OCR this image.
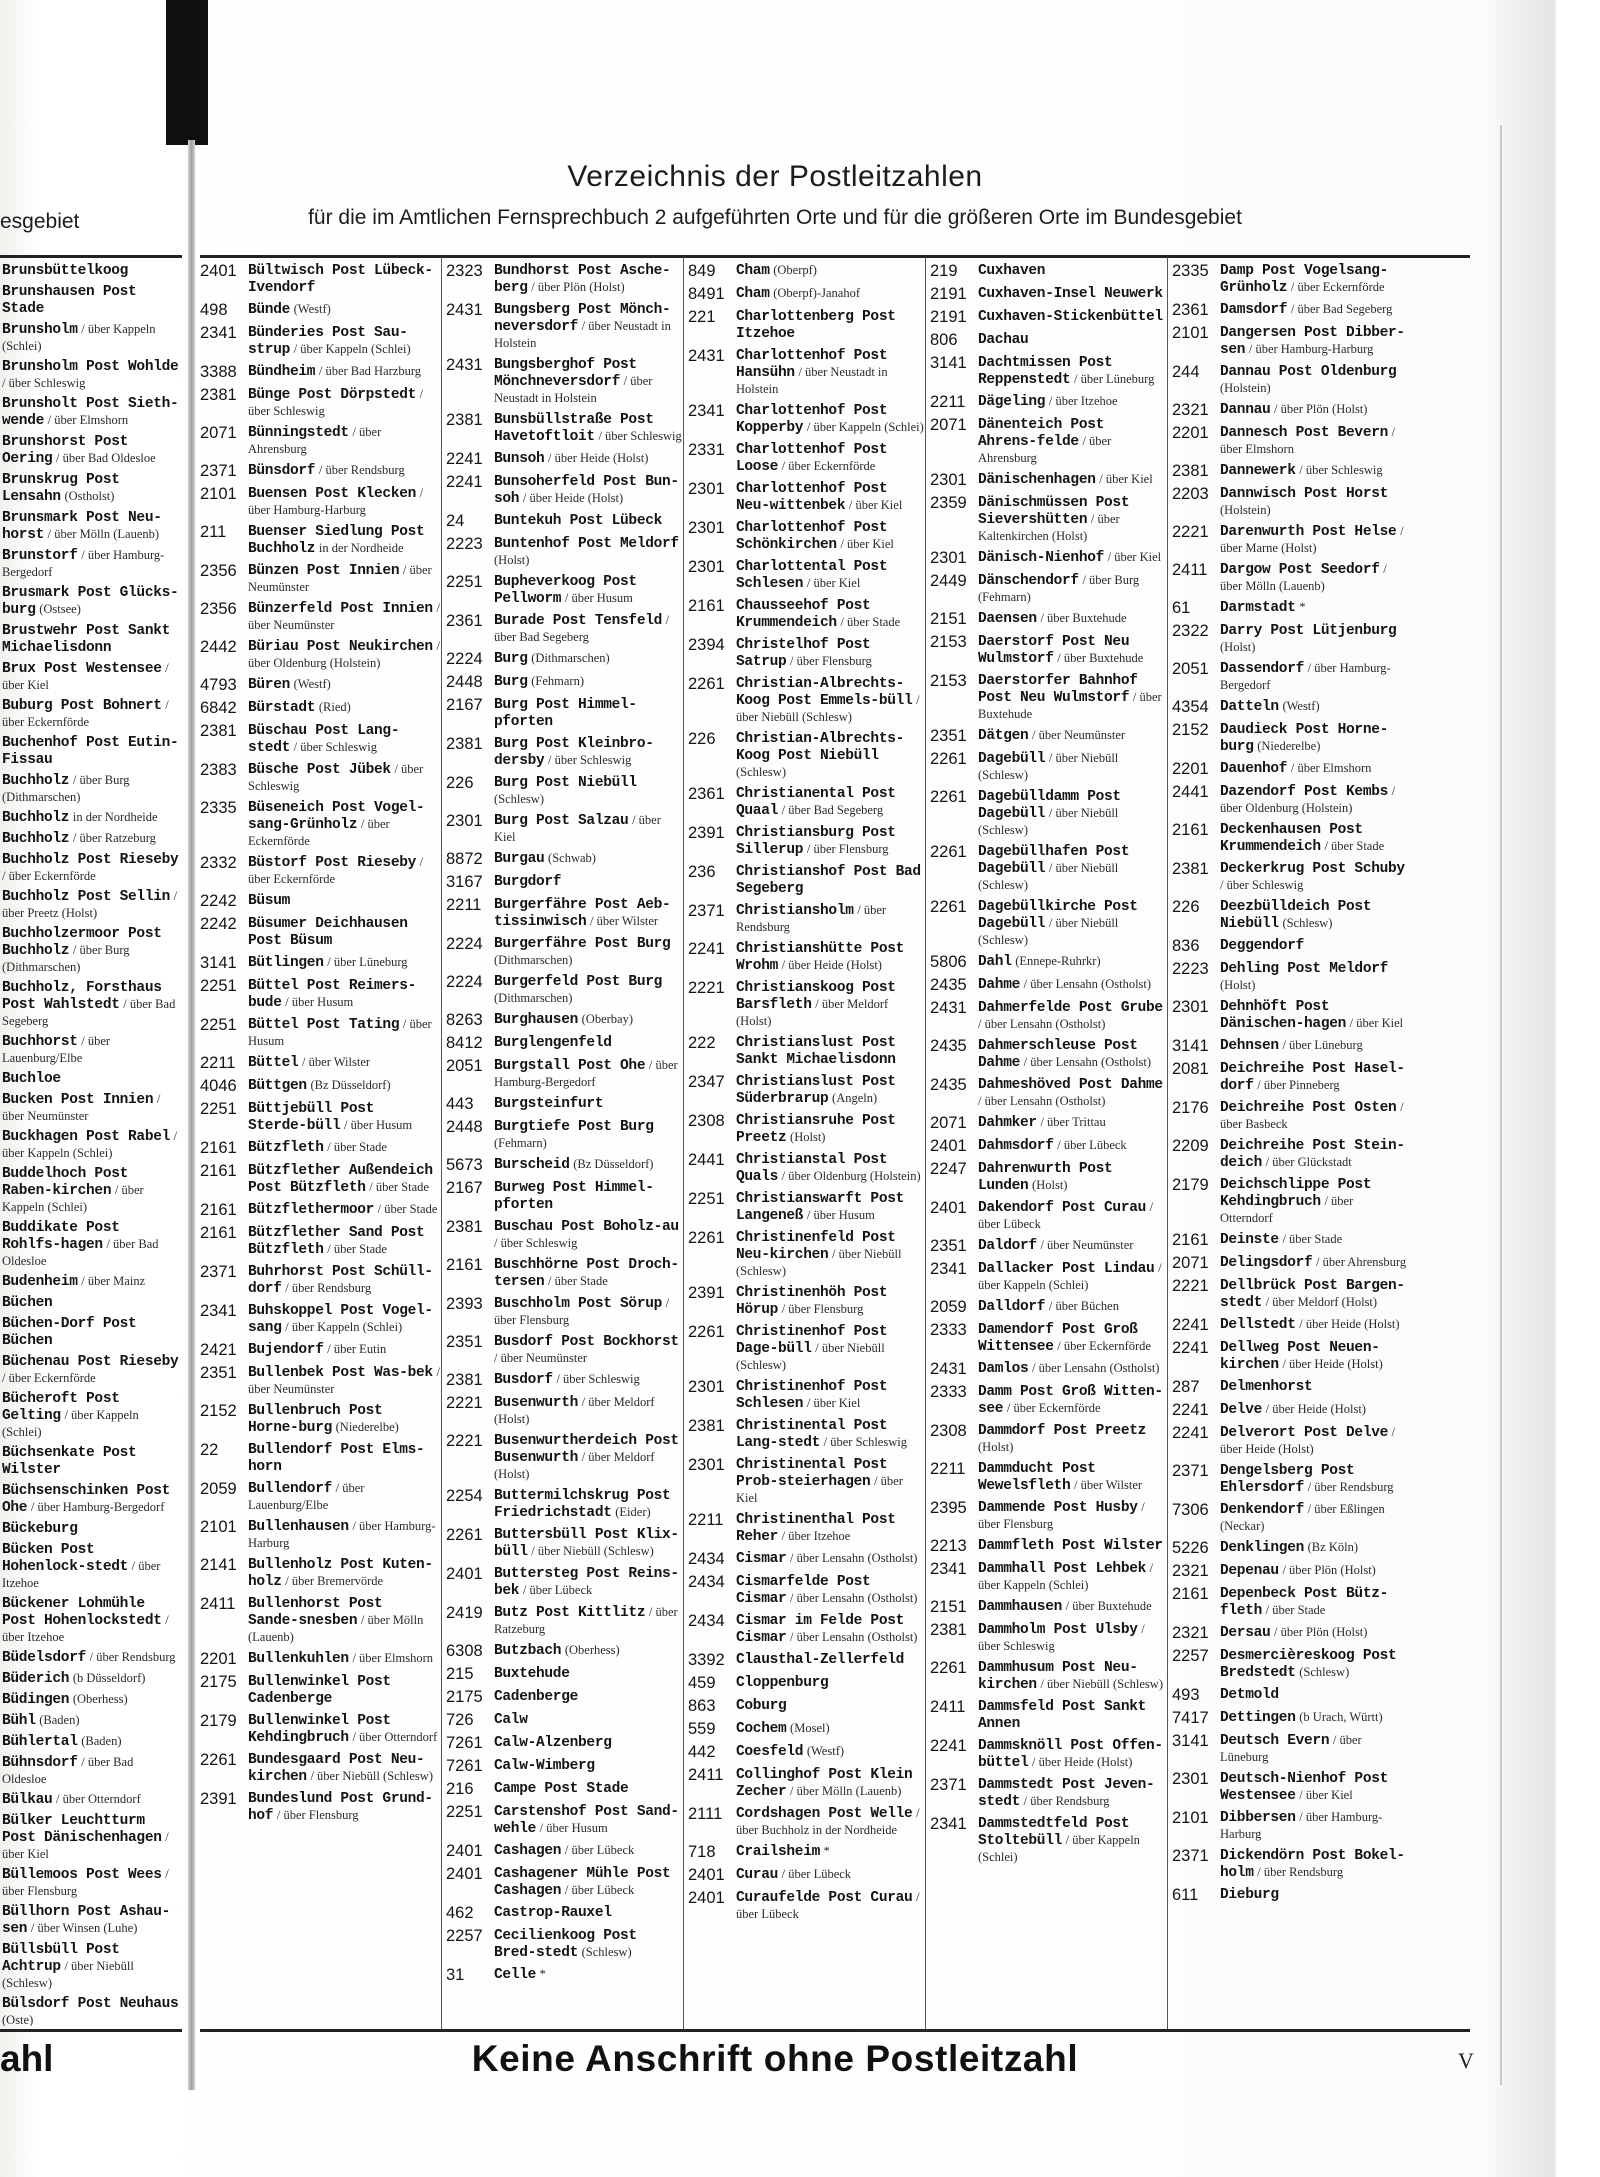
esgebiet
Verzeichnis der Postleitzahlen
für die im Amtlichen Fernsprechbuch 2 aufgeführten Orte und für die größeren Orte im Bundesgebiet
Brunsbüttelkoog
Brunshausen Post Stade
Brunsholm / über Kappeln (Schlei)
Brunsholm Post Wohlde / über Schleswig
Brunsholt Post Sieth-wende / über Elmshorn
Brunshorst Post Oering / über Bad Oldesloe
Brunskrug Post Lensahn (Ostholst)
Brunsmark Post Neu-horst / über Mölln (Lauenb)
Brunstorf / über Hamburg-Bergedorf
Brusmark Post Glücks-burg (Ostsee)
Brustwehr Post Sankt Michaelisdonn
Brux Post Westensee / über Kiel
Buburg Post Bohnert / über Eckernförde
Buchenhof Post Eutin-Fissau
Buchholz / über Burg (Dithmarschen)
Buchholz in der Nordheide
Buchholz / über Ratzeburg
Buchholz Post Rieseby / über Eckernförde
Buchholz Post Sellin / über Preetz (Holst)
Buchholzermoor Post Buchholz / über Burg (Dithmarschen)
Buchholz, Forsthaus Post Wahlstedt / über Bad Segeberg
Buchhorst / über Lauenburg/Elbe
Buchloe
Bucken Post Innien / über Neumünster
Buckhagen Post Rabel / über Kappeln (Schlei)
Buddelhoch Post Raben-kirchen / über Kappeln (Schlei)
Buddikate Post Rohlfs-hagen / über Bad Oldesloe
Budenheim / über Mainz
Büchen
Büchen-Dorf Post Büchen
Büchenau Post Rieseby / über Eckernförde
Bücheroft Post Gelting / über Kappeln (Schlei)
Büchsenkate Post Wilster
Büchsenschinken Post Ohe / über Hamburg-Bergedorf
Bückeburg
Bücken Post Hohenlock-stedt / über Itzehoe
Bückener Lohmühle Post Hohenlockstedt / über Itzehoe
Büdelsdorf / über Rendsburg
Büderich (b Düsseldorf)
Büdingen (Oberhess)
Bühl (Baden)
Bühlertal (Baden)
Bühnsdorf / über Bad Oldesloe
Bülkau / über Otterndorf
Bülker Leuchtturm Post Dänischenhagen / über Kiel
Büllemoos Post Wees / über Flensburg
Büllhorn Post Ashau-sen / über Winsen (Luhe)
Büllsbüll Post Achtrup / über Niebüll (Schlesw)
Bülsdorf Post Neuhaus (Oste)
2401 Bültwisch Post Lübeck-Ivendorf
498	Bünde (Westf)
2341 Bünderies Post Sau-strup / über Kappeln (Schlei)
3388 Bündheim / über Bad Harzburg
2381 Bünge Post Dörpstedt / über Schleswig
2071 Bünningstedt / über Ahrensburg
2371 Bünsdorf / über Rendsburg
2101 Buensen Post Klecken / über Hamburg-Harburg
211	Buenser Siedlung Post Buchholz in der Nordheide
2356 Bünzen Post Innien / über Neumünster
2356 Bünzerfeld Post Innien / über Neumünster
2442 Büriau Post Neukirchen / über Oldenburg (Holstein)
4793 Büren (Westf)
6842 Bürstadt (Ried)
2381 Büschau Post Lang-stedt / über Schleswig
2383 Büsche Post Jübek / über Schleswig
2335 Büseneich Post Vogel-sang-Grünholz / über Eckernförde
2332 Büstorf Post Rieseby / über Eckernförde
2242 Büsum
2242 Büsumer Deichhausen Post Büsum
3141 Bütlingen / über Lüneburg
2251 Büttel Post Reimers-bude / über Husum
2251 Büttel Post Tating / über Husum
2211 Büttel / über Wilster
4046 Büttgen (Bz Düsseldorf)
2251 Büttjebüll Post Sterde-büll / über Husum
2161 Bützfleth / über Stade
2161 Bützflether Außendeich Post Bützfleth / über Stade
2161 Bützflethermoor / über Stade
2161 Bützflether Sand Post Bützfleth / über Stade
2371 Buhrhorst Post Schüll-dorf / über Rendsburg
2341 Buhskoppel Post Vogel-sang / über Kappeln (Schlei)
2421 Bujendorf / über Eutin
2351 Bullenbek Post Was-bek / über Neumünster
2152 Bullenbruch Post Horne-burg (Niederelbe)
22	Bullendorf Post Elms-horn
2059 Bullendorf / über Lauenburg/Elbe
2101 Bullenhausen / über Hamburg-Harburg
2141 Bullenholz Post Kuten-holz / über Bremervörde
2411 Bullenhorst Post Sande-snesben / über Mölln (Lauenb)
2201 Bullenkuhlen / über Elmshorn
2175 Bullenwinkel Post Cadenberge
2179 Bullenwinkel Post Kehdingbruch / über Otterndorf
2261 Bundesgaard Post Neu-kirchen / über Niebüll (Schlesw)
2391 Bundeslund Post Grund-hof / über Flensburg
2323 Bundhorst Post Asche-berg / über Plön (Holst)
2431 Bungsberg Post Mönch-neversdorf / über Neustadt in Holstein
2431 Bungsberghof Post Mönchneversdorf / über Neustadt in Holstein
2381 Bunsbüllstraße Post Havetoftloit / über Schleswig
2241 Bunsoh / über Heide (Holst)
2241 Bunsoherfeld Post Bun-soh / über Heide (Holst)
24	Buntekuh Post Lübeck
2223 Buntenhof Post Meldorf (Holst)
2251 Bupheverkoog Post Pellworm / über Husum
2361 Burade Post Tensfeld / über Bad Segeberg
2224 Burg (Dithmarschen)
2448 Burg (Fehmarn)
2167 Burg Post Himmel-pforten
2381 Burg Post Kleinbro-dersby / über Schleswig
226	Burg Post Niebüll (Schlesw)
2301 Burg Post Salzau / über Kiel
8872 Burgau (Schwab)
3167 Burgdorf
2211 Burgerfähre Post Aeb-tissinwisch / über Wilster
2224 Burgerfähre Post Burg (Dithmarschen)
2224 Burgerfeld Post Burg (Dithmarschen)
8263 Burghausen (Oberbay)
8412 Burglengenfeld
2051 Burgstall Post Ohe / über Hamburg-Bergedorf
443	Burgsteinfurt
2448 Burgtiefe Post Burg (Fehmarn)
5673 Burscheid (Bz Düsseldorf)
2167 Burweg Post Himmel-pforten
2381 Buschau Post Boholz-au / über Schleswig
2161 Buschhörne Post Droch-tersen / über Stade
2393 Buschholm Post Sörup / über Flensburg
2351 Busdorf Post Bockhorst / über Neumünster
2381 Busdorf / über Schleswig
2221 Busenwurth / über Meldorf (Holst)
2221 Busenwurtherdeich Post Busenwurth / über Meldorf (Holst)
2254 Buttermilchskrug Post Friedrichstadt (Eider)
2261 Buttersbüll Post Klix-büll / über Niebüll (Schlesw)
2401 Buttersteg Post Reins-bek / über Lübeck
2419 Butz Post Kittlitz / über Ratzeburg
6308 Butzbach (Oberhess)
215	Buxtehude
2175 Cadenberge
726	Calw
7261 Calw-Alzenberg
7261 Calw-Wimberg
216	Campe Post Stade
2251 Carstenshof Post Sand-wehle / über Husum
2401 Cashagen / über Lübeck
2401 Cashagener Mühle Post Cashagen / über Lübeck
462	Castrop-Rauxel
2257 Cecilienkoog Post Bred-stedt (Schlesw)
31	Celle *
849	Cham (Oberpf)
8491 Cham (Oberpf)-Janahof
221	Charlottenberg Post Itzehoe
2431 Charlottenhof Post Hansühn / über Neustadt in Holstein
2341 Charlottenhof Post Kopperby / über Kappeln (Schlei)
2331 Charlottenhof Post Loose / über Eckernförde
2301 Charlottenhof Post Neu-wittenbek / über Kiel
2301 Charlottenhof Post Schönkirchen / über Kiel
2301 Charlottental Post Schlesen / über Kiel
2161 Chausseehof Post Krummendeich / über Stade
2394 Christelhof Post Satrup / über Flensburg
2261 Christian-Albrechts-Koog Post Emmels-büll / über Niebüll (Schlesw)
226	Christian-Albrechts-Koog Post Niebüll (Schlesw)
2361 Christianental Post Quaal / über Bad Segeberg
2391 Christiansburg Post Sillerup / über Flensburg
236	Christianshof Post Bad Segeberg
2371 Christiansholm / über Rendsburg
2241 Christianshütte Post Wrohm / über Heide (Holst)
2221 Christianskoog Post Barsfleth / über Meldorf (Holst)
222	Christianslust Post Sankt Michaelisdonn
2347 Christianslust Post Süderbrarup (Angeln)
2308 Christiansruhe Post Preetz (Holst)
2441 Christianstal Post Quals / über Oldenburg (Holstein)
2251 Christianswarft Post Langeneß / über Husum
2261 Christinenfeld Post Neu-kirchen / über Niebüll (Schlesw)
2391 Christinenhöh Post Hörup / über Flensburg
2261 Christinenhof Post Dage-büll / über Niebüll (Schlesw)
2301 Christinenhof Post Schlesen / über Kiel
2381 Christinental Post Lang-stedt / über Schleswig
2301 Christinental Post Prob-steierhagen / über Kiel
2211 Christinenthal Post Reher / über Itzehoe
2434 Cismar / über Lensahn (Ostholst)
2434 Cismarfelde Post Cismar / über Lensahn (Ostholst)
2434 Cismar im Felde Post Cismar / über Lensahn (Ostholst)
3392 Clausthal-Zellerfeld
459	Cloppenburg
863	Coburg
559	Cochem (Mosel)
442	Coesfeld (Westf)
2411 Collinghof Post Klein Zecher / über Mölln (Lauenb)
2111 Cordshagen Post Welle / über Buchholz in der Nordheide
718	Crailsheim *
2401 Curau / über Lübeck
2401 Curaufelde Post Curau / über Lübeck
219	Cuxhaven
2191 Cuxhaven-Insel Neuwerk
2191 Cuxhaven-Stickenbüttel
806	Dachau
3141 Dachtmissen Post Reppenstedt / über Lüneburg
2211 Dägeling / über Itzehoe
2071 Dänenteich Post Ahrens-felde / über Ahrensburg
2301 Dänischenhagen / über Kiel
2359 Dänischmüssen Post Sievershütten / über Kaltenkirchen (Holst)
2301 Dänisch-Nienhof / über Kiel
2449 Dänschendorf / über Burg (Fehmarn)
2151 Daensen / über Buxtehude
2153 Daerstorf Post Neu Wulmstorf / über Buxtehude
2153 Daerstorfer Bahnhof Post Neu Wulmstorf / über Buxtehude
2351 Dätgen / über Neumünster
2261 Dagebüll / über Niebüll (Schlesw)
2261 Dagebülldamm Post Dagebüll / über Niebüll (Schlesw)
2261 Dagebüllhafen Post Dagebüll / über Niebüll (Schlesw)
2261 Dagebüllkirche Post Dagebüll / über Niebüll (Schlesw)
5806 Dahl (Ennepe-Ruhrkr)
2435 Dahme / über Lensahn (Ostholst)
2431 Dahmerfelde Post Grube / über Lensahn (Ostholst)
2435 Dahmerschleuse Post Dahme / über Lensahn (Ostholst)
2435 Dahmeshöved Post Dahme / über Lensahn (Ostholst)
2071 Dahmker / über Trittau
2401 Dahmsdorf / über Lübeck
2247 Dahrenwurth Post Lunden (Holst)
2401 Dakendorf Post Curau / über Lübeck
2351 Daldorf / über Neumünster
2341 Dallacker Post Lindau / über Kappeln (Schlei)
2059 Dalldorf / über Büchen
2333 Damendorf Post Groß Wittensee / über Eckernförde
2431 Damlos / über Lensahn (Ostholst)
2333 Damm Post Groß Witten-see / über Eckernförde
2308 Dammdorf Post Preetz (Holst)
2211 Dammducht Post Wewelsfleth / über Wilster
2395 Dammende Post Husby / über Flensburg
2213 Dammfleth Post Wilster
2341 Dammhall Post Lehbek / über Kappeln (Schlei)
2151 Dammhausen / über Buxtehude
2381 Dammholm Post Ulsby / über Schleswig
2261 Dammhusum Post Neu-kirchen / über Niebüll (Schlesw)
2411 Dammsfeld Post Sankt Annen
2241 Dammsknöll Post Offen-büttel / über Heide (Holst)
2371 Dammstedt Post Jeven-stedt / über Rendsburg
2341 Dammstedtfeld Post Stoltebüll / über Kappeln (Schlei)
2335 Damp Post Vogelsang-Grünholz / über Eckernförde
2361 Damsdorf / über Bad Segeberg
2101 Dangersen Post Dibber-sen / über Hamburg-Harburg
244	Dannau Post Oldenburg (Holstein)
2321 Dannau / über Plön (Holst)
2201 Dannesch Post Bevern / über Elmshorn
2381 Dannewerk / über Schleswig
2203 Dannwisch Post Horst (Holstein)
2221 Darenwurth Post Helse / über Marne (Holst)
2411 Dargow Post Seedorf / über Mölln (Lauenb)
61	Darmstadt *
2322 Darry Post Lütjenburg (Holst)
2051 Dassendorf / über Hamburg-Bergedorf
4354 Datteln (Westf)
2152 Daudieck Post Horne-burg (Niederelbe)
2201 Dauenhof / über Elmshorn
2441 Dazendorf Post Kembs / über Oldenburg (Holstein)
2161 Deckenhausen Post Krummendeich / über Stade
2381 Deckerkrug Post Schuby / über Schleswig
226	Deezbülldeich Post Niebüll (Schlesw)
836	Deggendorf
2223 Dehling Post Meldorf (Holst)
2301 Dehnhöft Post Dänischen-hagen / über Kiel
3141 Dehnsen / über Lüneburg
2081 Deichreihe Post Hasel-dorf / über Pinneberg
2176 Deichreihe Post Osten / über Basbeck
2209 Deichreihe Post Stein-deich / über Glückstadt
2179 Deichschlippe Post Kehdingbruch / über Otterndorf
2161 Deinste / über Stade
2071 Delingsdorf / über Ahrensburg
2221 Dellbrück Post Bargen-stedt / über Meldorf (Holst)
2241 Dellstedt / über Heide (Holst)
2241 Dellweg Post Neuen-kirchen / über Heide (Holst)
287	Delmenhorst
2241 Delve / über Heide (Holst)
2241 Delverort Post Delve / über Heide (Holst)
2371 Dengelsberg Post Ehlersdorf / über Rendsburg
7306 Denkendorf / über Eßlingen (Neckar)
5226 Denklingen (Bz Köln)
2321 Depenau / über Plön (Holst)
2161 Depenbeck Post Bütz-fleth / über Stade
2321 Dersau / über Plön (Holst)
2257 Desmercièreskoog Post Bredstedt (Schlesw)
493	Detmold
7417 Dettingen (b Urach, Württ)
3141 Deutsch Evern / über Lüneburg
2301 Deutsch-Nienhof Post Westensee / über Kiel
2101 Dibbersen / über Hamburg-Harburg
2371 Dickendörn Post Bokel-holm / über Rendsburg
611	Dieburg
ahl	Keine Anschrift ohne Postleitzahl	V
